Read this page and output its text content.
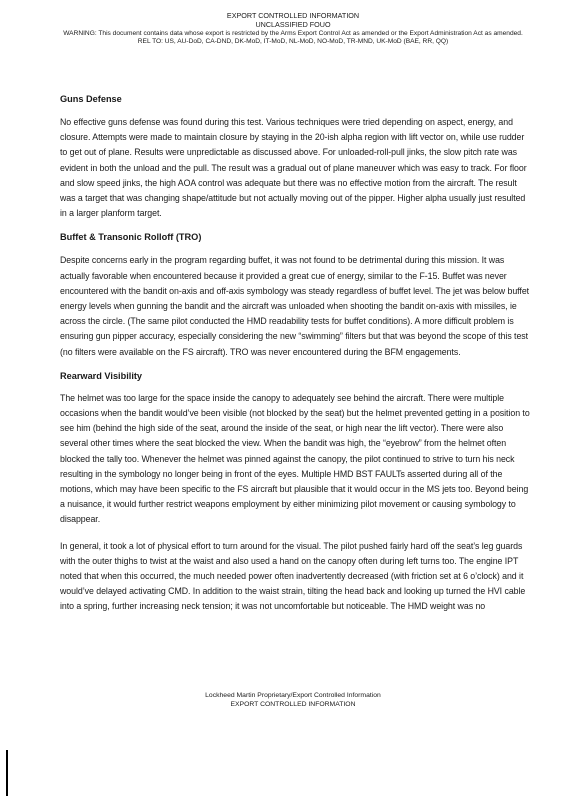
EXPORT CONTROLLED INFORMATION
UNCLASSIFIED FOUO
WARNING: This document contains data whose export is restricted by the Arms Export Control Act as amended or the Export Administration Act as amended.
REL TO: US, AU-DoD, CA-DND, DK-MoD, IT-MoD, NL-MoD, NO-MoD, TR-MND, UK-MoD (BAE, RR, QQ)
Guns Defense

No effective guns defense was found during this test. Various techniques were tried depending on aspect, energy, and closure. Attempts were made to maintain closure by staying in the 20-ish alpha region with lift vector on, while use rudder to get out of plane. Results were unpredictable as discussed above. For unloaded-roll-pull jinks, the slow pitch rate was evident in both the unload and the pull. The result was a gradual out of plane maneuver which was easy to track. For floor and slow speed jinks, the high AOA control was adequate but there was no effective motion from the aircraft. The result was a target that was changing shape/attitude but not actually moving out of the pipper. Higher alpha usually just resulted in a larger planform target.

Buffet & Transonic Rolloff (TRO)

Despite concerns early in the program regarding buffet, it was not found to be detrimental during this mission. It was actually favorable when encountered because it provided a great cue of energy, similar to the F-15. Buffet was never encountered with the bandit on-axis and off-axis symbology was steady regardless of buffet level. The jet was below buffet energy levels when gunning the bandit and the aircraft was unloaded when shooting the bandit on-axis with missiles, ie across the circle. (The same pilot conducted the HMD readability tests for buffet conditions). A more difficult problem is ensuring gun pipper accuracy, especially considering the new “swimming” filters but that was beyond the scope of this test (no filters were available on the FS aircraft). TRO was never encountered during the BFM engagements.

Rearward Visibility

The helmet was too large for the space inside the canopy to adequately see behind the aircraft. There were multiple occasions when the bandit would’ve been visible (not blocked by the seat) but the helmet prevented getting in a position to see him (behind the high side of the seat, around the inside of the seat, or high near the lift vector). There were also several other times where the seat blocked the view. When the bandit was high, the “eyebrow” from the helmet often blocked the tally too. Whenever the helmet was pinned against the canopy, the pilot continued to strive to turn his neck resulting in the symbology no longer being in front of the eyes. Multiple HMD BST FAULTs asserted during all of the motions, which may have been specific to the FS aircraft but plausible that it would occur in the MS jets too. Beyond being a nuisance, it would further restrict weapons employment by either minimizing pilot movement or causing symbology to disappear.

In general, it took a lot of physical effort to turn around for the visual. The pilot pushed fairly hard off the seat’s leg guards with the outer thighs to twist at the waist and also used a hand on the canopy often during left turns too. The engine IPT noted that when this occurred, the much needed power often inadvertently decreased (with friction set at 6 o’clock) and it would’ve delayed activating CMD. In addition to the waist strain, tilting the head back and looking up turned the HVI cable into a spring, further increasing neck tension; it was not uncomfortable but noticeable. The HMD weight was no

Lockheed Martin Proprietary/Export Controlled Information
EXPORT CONTROLLED INFORMATION
